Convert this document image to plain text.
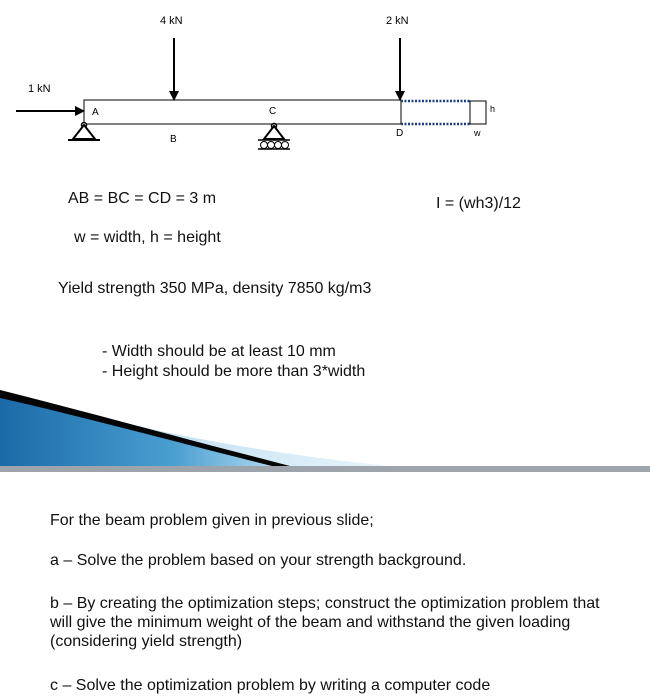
h
w
4 kN	2 kN
1 kN
A
B
C
D
AB = BC = CD = 3 m	I = (wh3)/12
w = width, h = height
Yield strength 350 MPa, density 7850 kg/m3
- Width should be at least 10 mm
- Height should be more than 3*width
For the beam problem given in previous slide;
a – Solve the problem based on your strength background.
b – By creating the optimization steps; construct the optimization problem that will give the minimum weight of the beam and withstand the given loading (considering yield strength)
c – Solve the optimization problem by writing a computer code
